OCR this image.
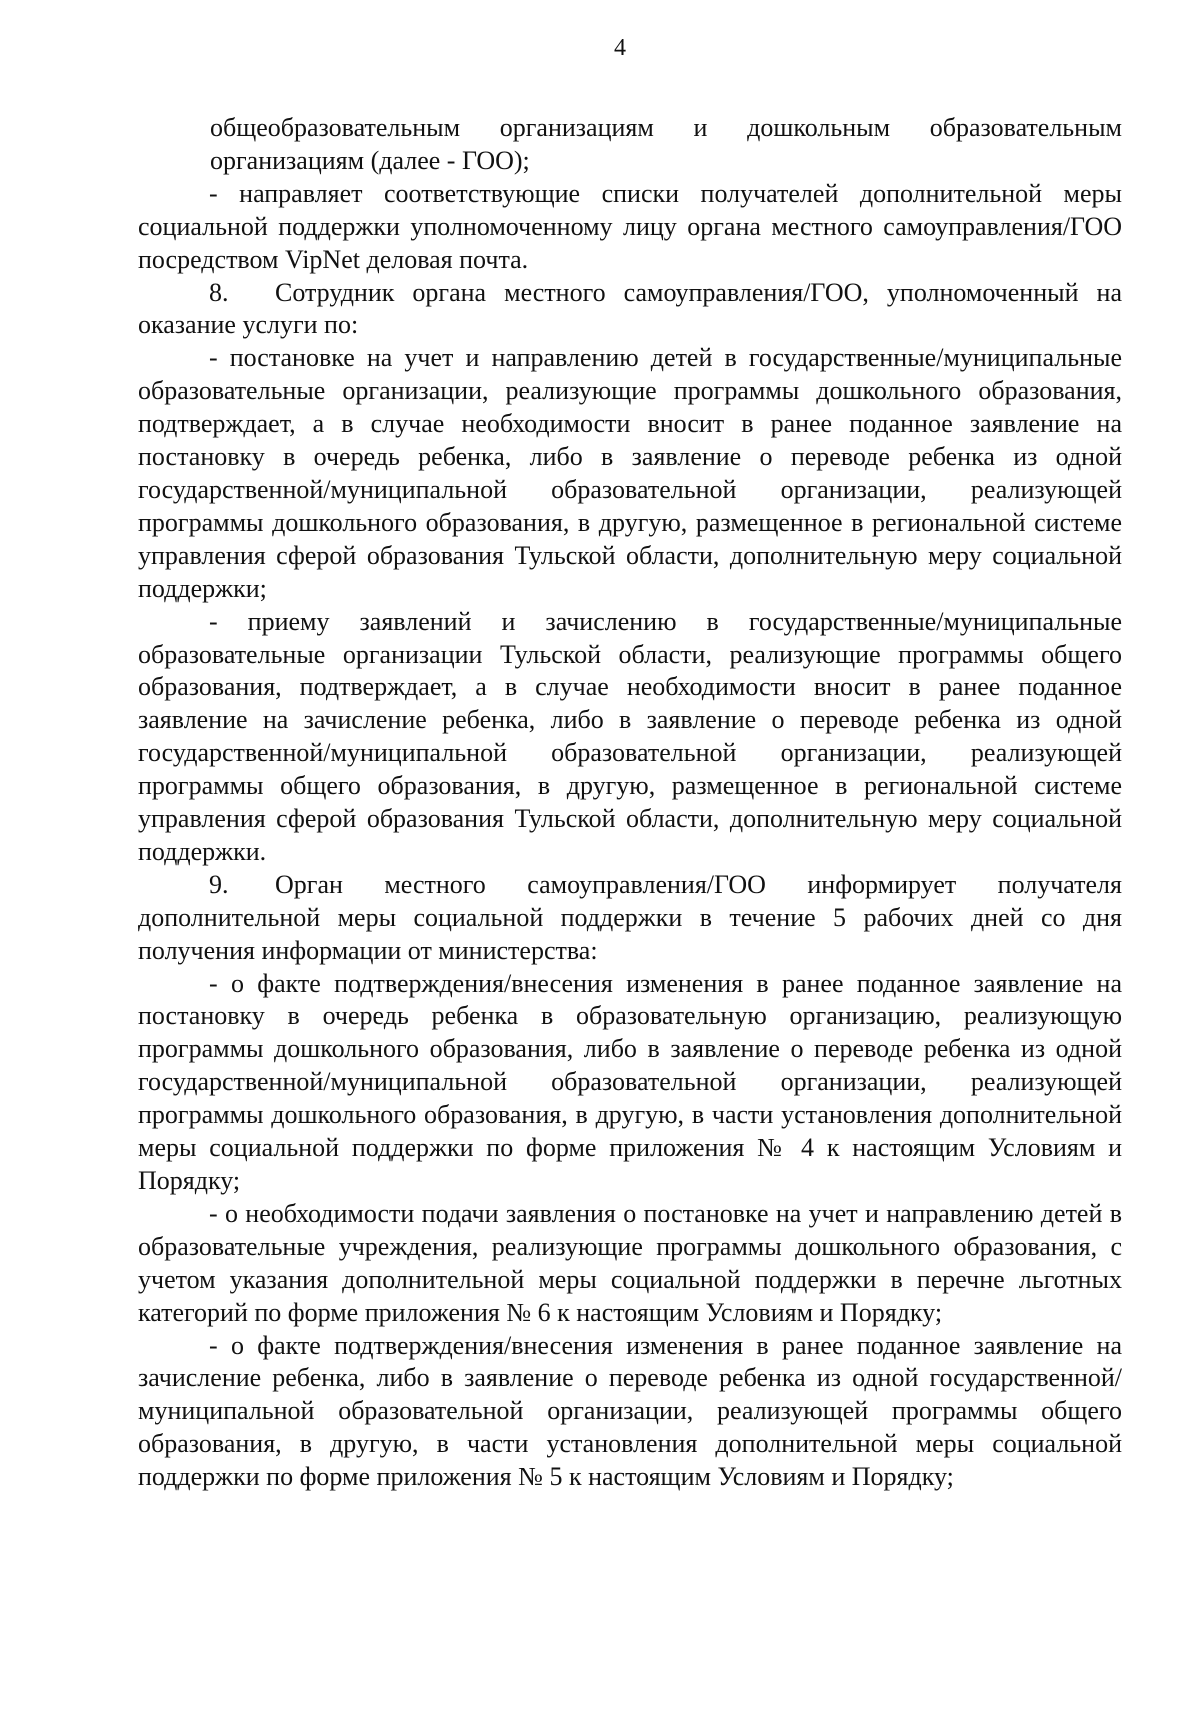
4

общеобразовательным организациям и дошкольным образовательным организациям (далее - ГОО);

- направляет соответствующие списки получателей дополнительной меры социальной поддержки уполномоченному лицу органа местного самоуправления/ГОО посредством VipNet деловая почта.

8. Сотрудник органа местного самоуправления/ГОО, уполномоченный на оказание услуги по:

- постановке на учет и направлению детей в государственные/муниципальные образовательные организации, реализующие программы дошкольного образования, подтверждает, а в случае необходимости вносит в ранее поданное заявление на постановку в очередь ребенка, либо в заявление о переводе ребенка из одной государственной/муниципальной образовательной организации, реализующей программы дошкольного образования, в другую, размещенное в региональной системе управления сферой образования Тульской области, дополнительную меру социальной поддержки;

- приему заявлений и зачислению в государственные/муниципальные образовательные организации Тульской области, реализующие программы общего образования, подтверждает, а в случае необходимости вносит в ранее поданное заявление на зачисление ребенка, либо в заявление о переводе ребенка из одной государственной/муниципальной образовательной организации, реализующей программы общего образования, в другую, размещенное в региональной системе управления сферой образования Тульской области, дополнительную меру социальной поддержки.

9. Орган местного самоуправления/ГОО информирует получателя дополнительной меры социальной поддержки в течение 5 рабочих дней со дня получения информации от министерства:

- о факте подтверждения/внесения изменения в ранее поданное заявление на постановку в очередь ребенка в образовательную организацию, реализующую программы дошкольного образования, либо в заявление о переводе ребенка из одной государственной/муниципальной образовательной организации, реализующей программы дошкольного образования, в другую, в части установления дополнительной меры социальной поддержки по форме приложения № 4 к настоящим Условиям и Порядку;

- о необходимости подачи заявления о постановке на учет и направлению детей в образовательные учреждения, реализующие программы дошкольного образования, с учетом указания дополнительной меры социальной поддержки в перечне льготных категорий по форме приложения № 6 к настоящим Условиям и Порядку;

- о факте подтверждения/внесения изменения в ранее поданное заявление на зачисление ребенка, либо в заявление о переводе ребенка из одной государственной/муниципальной образовательной организации, реализующей программы общего образования, в другую, в части установления дополнительной меры социальной поддержки по форме приложения № 5 к настоящим Условиям и Порядку;
